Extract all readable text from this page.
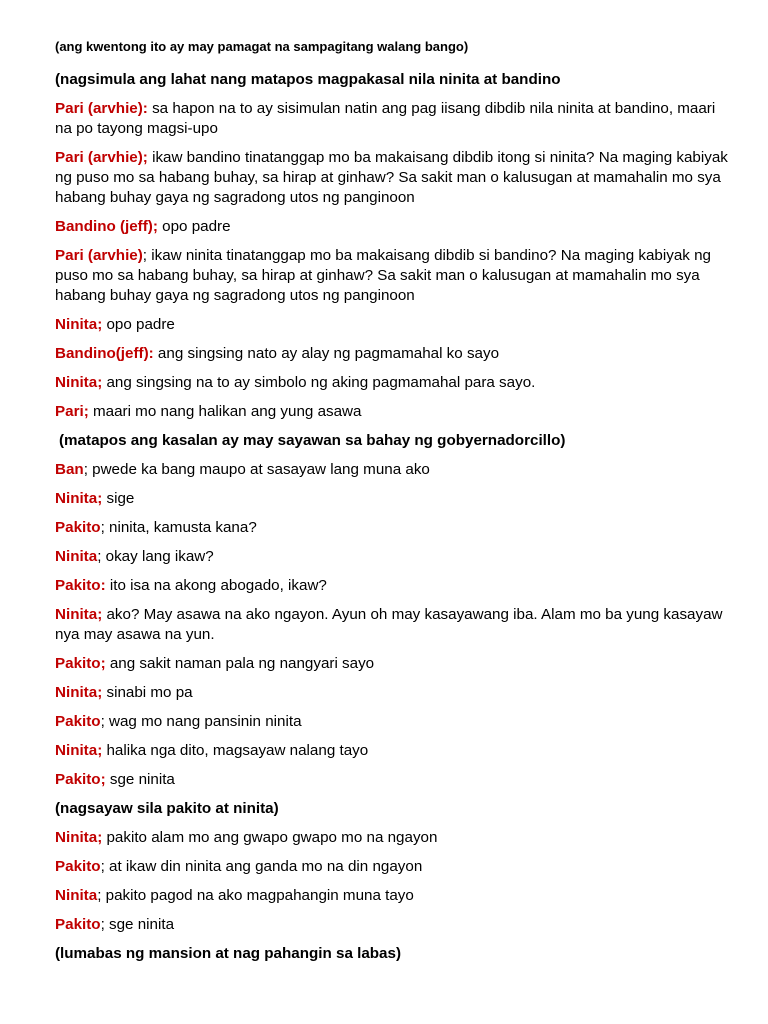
(ang kwentong ito ay may pamagat na sampagitang walang bango)

(nagsimula ang lahat nang matapos magpakasal nila ninita at bandino

Pari (arvhie): sa hapon na to ay sisimulan natin ang pag iisang dibdib nila ninita at bandino, maari na po tayong magsi-upo

Pari (arvhie); ikaw bandino tinatanggap mo ba makaisang dibdib itong si ninita? Na maging kabiyak ng puso mo sa habang buhay, sa hirap at ginhaw? Sa sakit man o kalusugan at mamahalin mo sya habang buhay gaya ng sagradong utos ng panginoon

Bandino (jeff); opo padre

Pari (arvhie); ikaw ninita tinatanggap mo ba makaisang dibdib si bandino? Na maging kabiyak ng puso mo sa habang buhay, sa hirap at ginhaw? Sa sakit man o kalusugan at mamahalin mo sya habang buhay gaya ng sagradong utos ng panginoon

Ninita; opo padre

Bandino(jeff): ang singsing nato ay alay ng pagmamahal ko sayo

Ninita; ang singsing na to ay simbolo ng aking pagmamahal para sayo.

Pari; maari mo nang halikan ang yung asawa

(matapos ang kasalan ay may sayawan sa bahay ng gobyernadorcillo)

Ban; pwede ka bang maupo at sasayaw lang muna ako

Ninita; sige

Pakito; ninita, kamusta kana?

Ninita; okay lang ikaw?

Pakito: ito isa na akong abogado, ikaw?

Ninita; ako? May asawa na ako ngayon. Ayun oh may kasayawang iba. Alam mo ba yung kasayaw nya may asawa na yun.

Pakito; ang sakit naman pala ng nangyari sayo

Ninita; sinabi mo pa

Pakito; wag mo nang pansinin ninita

Ninita; halika nga dito, magsayaw nalang tayo

Pakito; sge ninita

(nagsayaw sila pakito at ninita)

Ninita; pakito alam mo ang gwapo gwapo mo na ngayon

Pakito; at ikaw din ninita ang ganda mo na din ngayon

Ninita; pakito pagod na ako magpahangin muna tayo

Pakito; sge ninita

(lumabas ng mansion at nag pahangin sa labas)
